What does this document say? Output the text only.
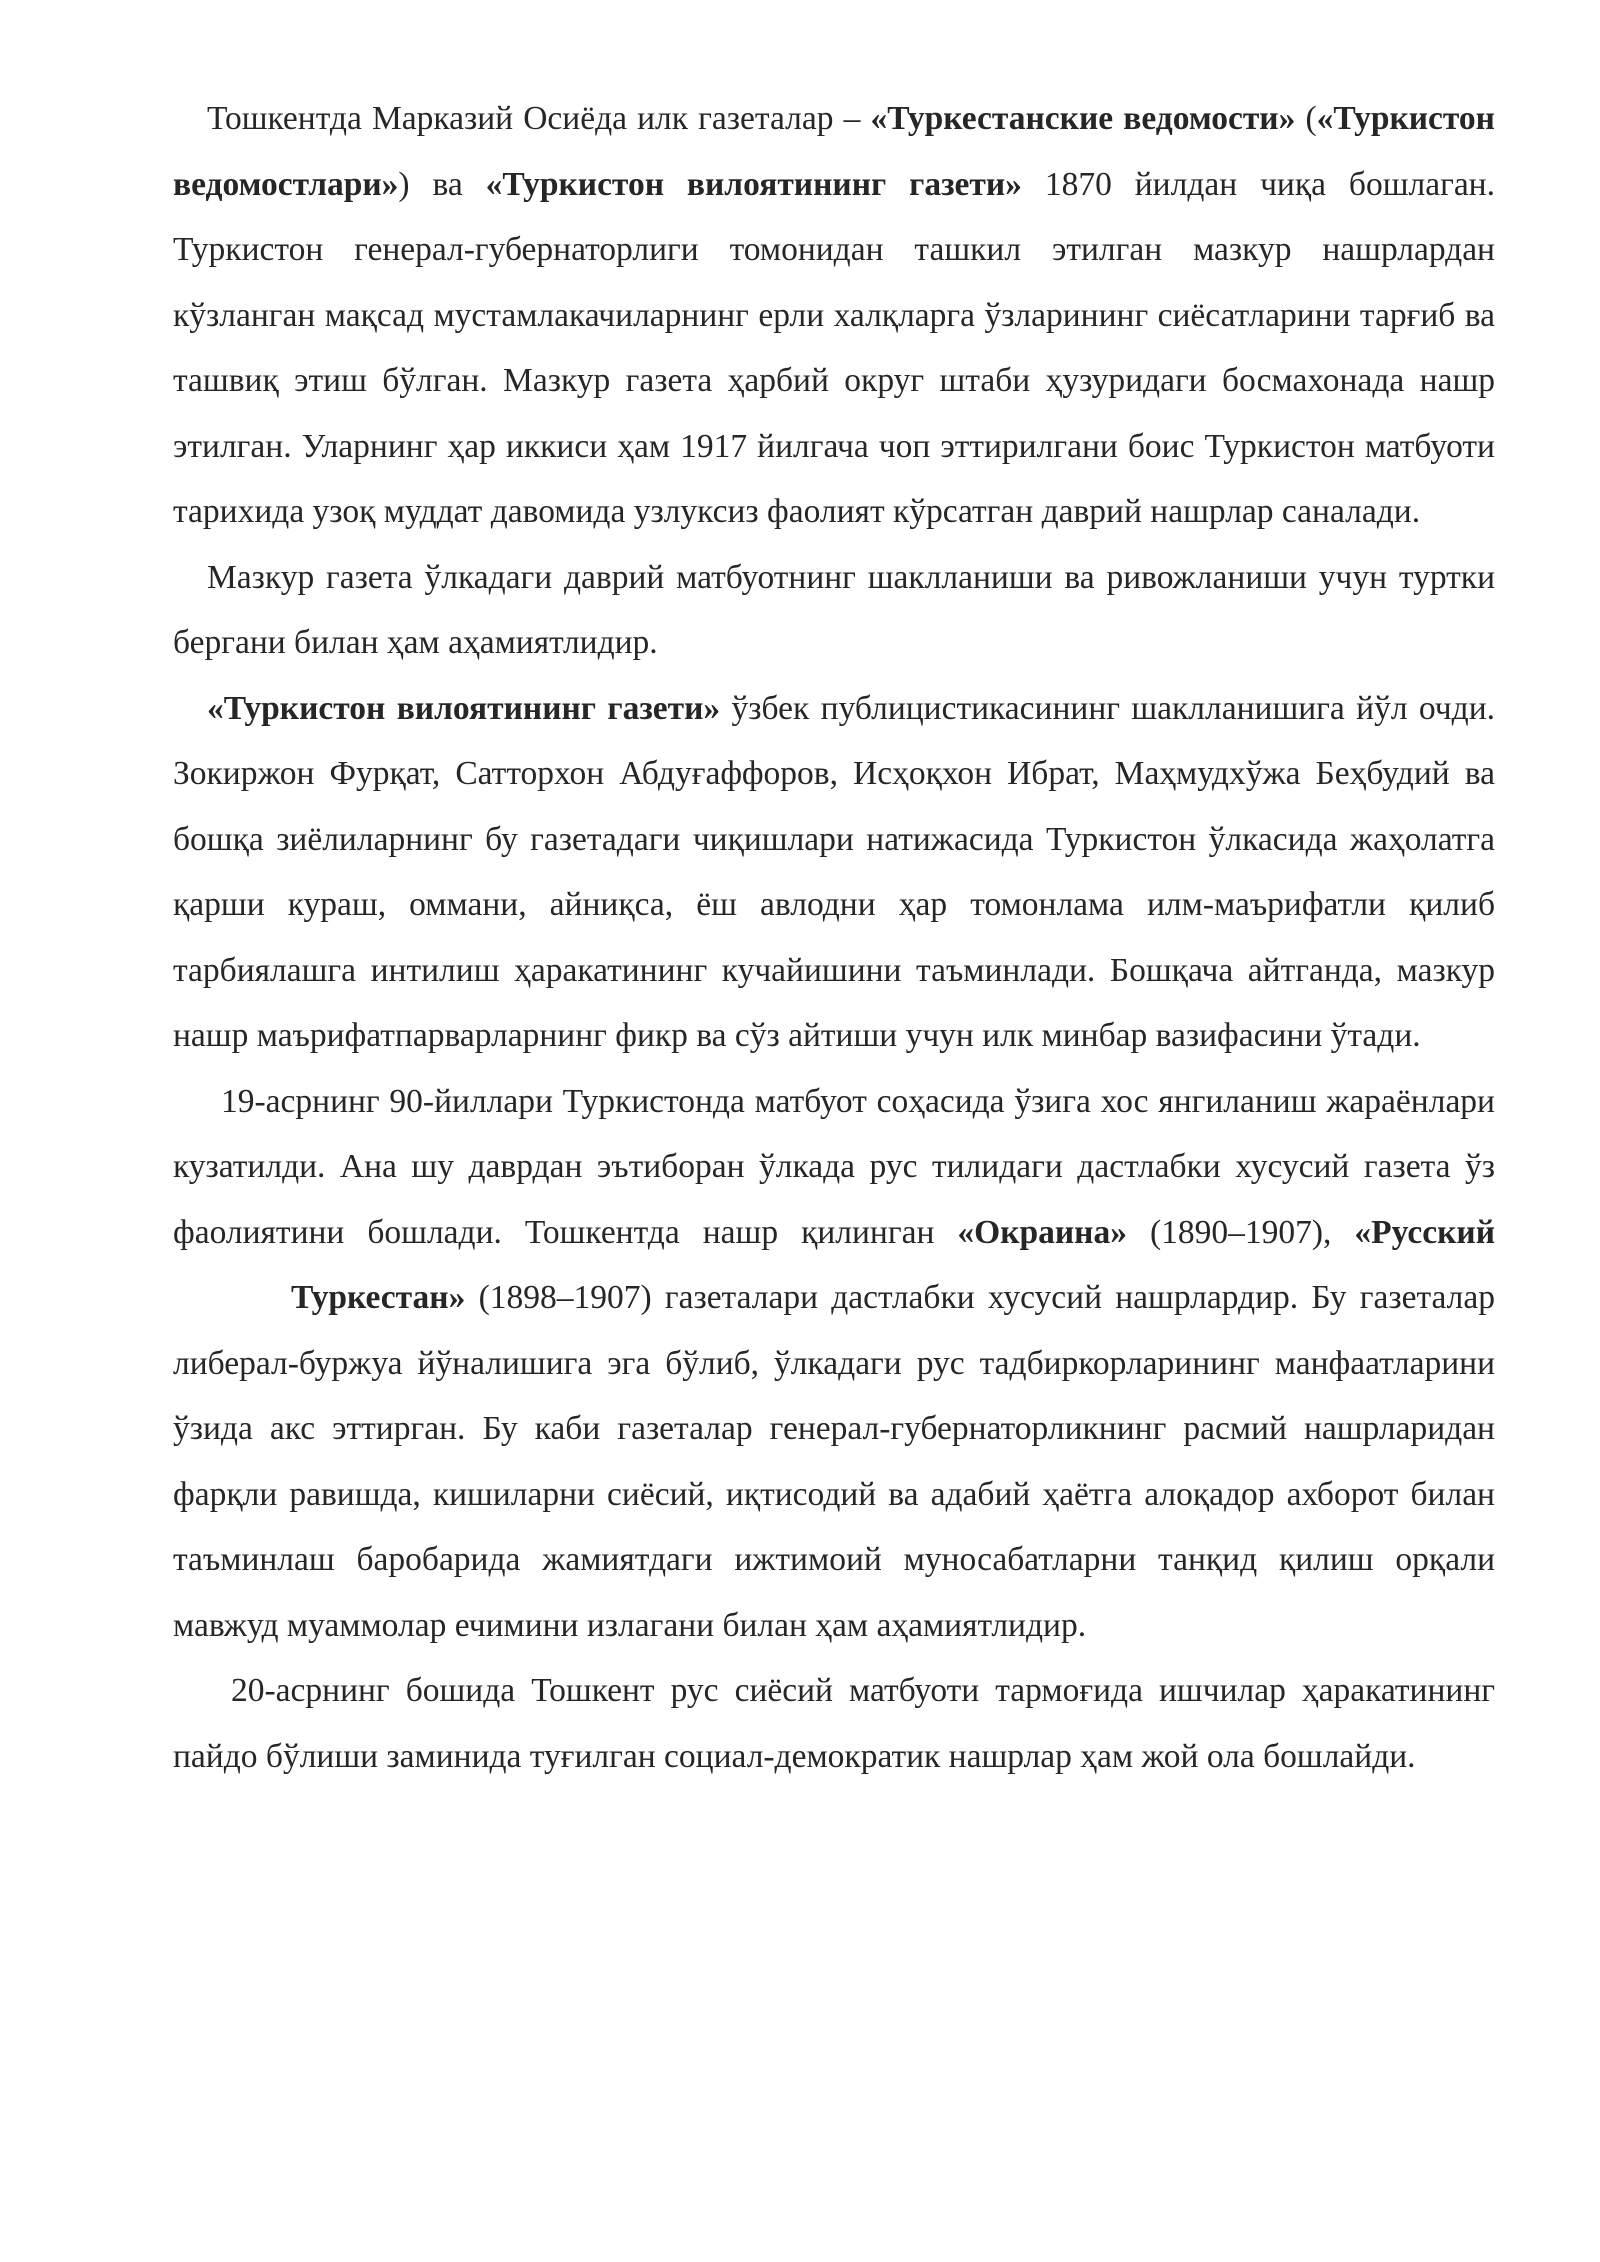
Тошкентда Марказий Осиёда илк газеталар – «Туркестанские ведомости» («Туркистон ведомостлари») ва «Туркистон вилоятининг газети» 1870 йилдан чиқа бошлаган. Туркистон генерал-губернаторлиги томонидан ташкил этилган мазкур нашрлардан кўзланган мақсад мустамлакачиларнинг ерли халқларга ўзларининг сиёсатларини тарғиб ва ташвиқ этиш бўлган. Мазкур газета ҳарбий округ штаби ҳузуридаги босмахонада нашр этилган. Уларнинг ҳар иккиси ҳам 1917 йилгача чоп эттирилгани боис Туркистон матбуоти тарихида узоқ муддат давомида узлуксиз фаолият кўрсатган даврий нашрлар саналади.

Мазкур газета ўлкадаги даврий матбуотнинг шаклланиши ва ривожланиши учун туртки бергани билан ҳам аҳамиятлидир.

«Туркистон вилоятининг газети» ўзбек публицистикасининг шаклланишига йўл очди. Зокиржон Фурқат, Сатторхон Абдуғаффоров, Исҳоқхон Ибрат, Маҳмудхўжа Беҳбудий ва бошқа зиёлиларнинг бу газетадаги чиқишлари натижасида Туркистон ўлкасида жаҳолатга қарши кураш, оммани, айниқса, ёш авлодни ҳар томонлама илм-маърифатли қилиб тарбиялашга интилиш ҳаракатининг кучайишини таъминлади. Бошқача айтганда, мазкур нашр маърифатпарварларнинг фикр ва сўз айтиши учун илк минбар вазифасини ўтади.

19-асрнинг 90-йиллари Туркистонда матбуот соҳасида ўзига хос янгиланиш жараёнлари кузатилди. Ана шу даврдан эътиборан ўлкада рус тилидаги дастлабки хусусий газета ўз фаолиятини бошлади. Тошкентда нашр қилинган «Окраина» (1890–1907), «РусскийТуркестан» (1898–1907) газеталари дастлабки хусусий нашрлардир. Бу газеталар либерал-буржуа йўналишига эга бўлиб, ўлкадаги рус тадбиркорларининг манфаатларини ўзида акс эттирган. Бу каби газеталар генерал-губернаторликнинг расмий нашрларидан фарқли равишда, кишиларни сиёсий, иқтисодий ва адабий ҳаётга алоқадор ахборот билан таъминлаш баробарида жамиятдаги ижтимоий муносабатларни танқид қилиш орқали мавжуд муаммолар ечимини излагани билан ҳам аҳамиятлидир.

20-асрнинг бошида Тошкент рус сиёсий матбуоти тармоғида ишчилар ҳаракатининг пайдо бўлиши заминида туғилган социал-демократик нашрлар ҳам жой ола бошлайди.
